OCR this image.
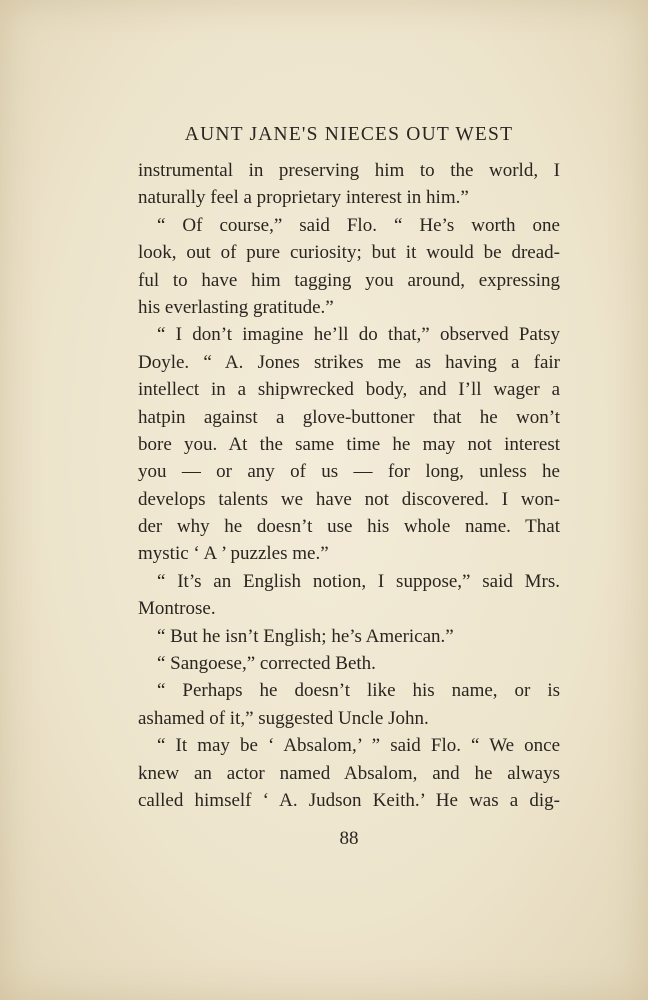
AUNT JANE'S NIECES OUT WEST
instrumental in preserving him to the world, I
naturally feel a proprietary interest in him.”
“ Of course,” said Flo. “ He’s worth one
look, out of pure curiosity; but it would be dread-
ful to have him tagging you around, expressing
his everlasting gratitude.”
“ I don’t imagine he’ll do that,” observed Patsy
Doyle. “ A. Jones strikes me as having a fair
intellect in a shipwrecked body, and I’ll wager a
hatpin against a glove-buttoner that he won’t
bore you. At the same time he may not interest
you — or any of us — for long, unless he
develops talents we have not discovered. I won-
der why he doesn’t use his whole name. That
mystic ‘ A ’ puzzles me.”
“ It’s an English notion, I suppose,” said Mrs.
Montrose.
“ But he isn’t English; he’s American.”
“ Sangoese,” corrected Beth.
“ Perhaps he doesn’t like his name, or is
ashamed of it,” suggested Uncle John.
“ It may be ‘ Absalom,’ ” said Flo. “ We once
knew an actor named Absalom, and he always
called himself ‘ A. Judson Keith.’ He was a dig-
88
